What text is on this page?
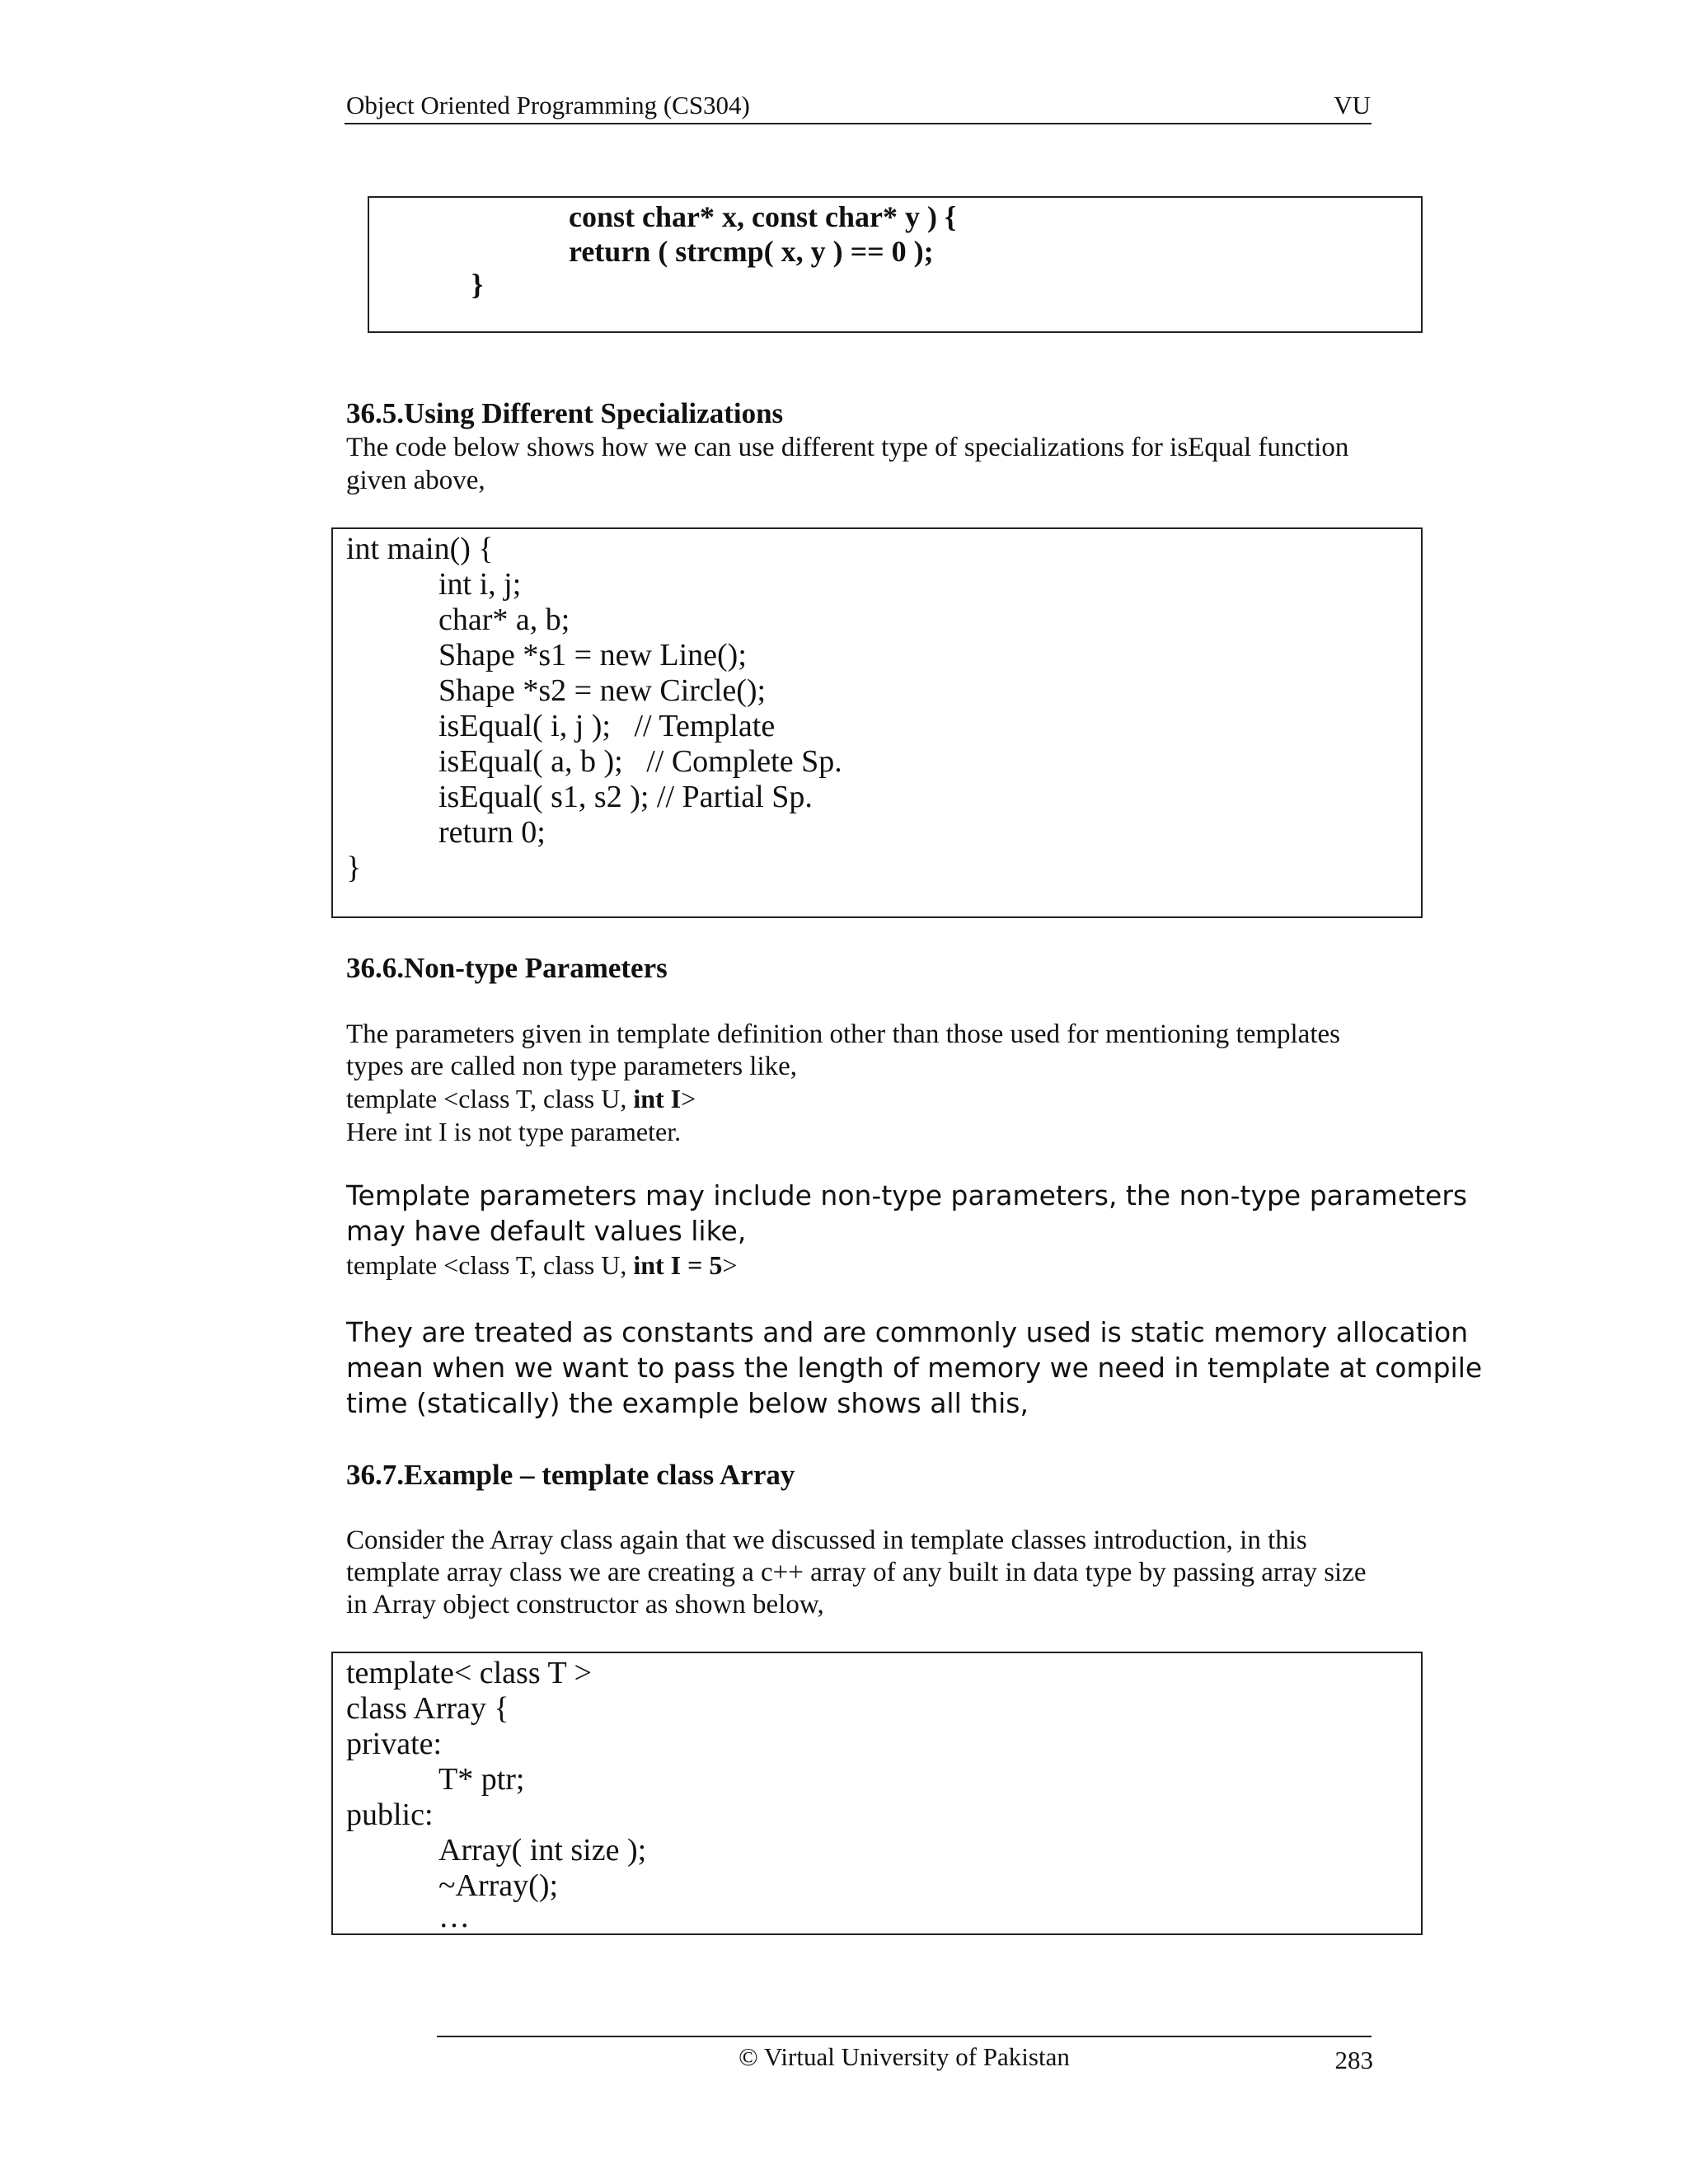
Object Oriented Programming (CS304)	VU
const char* x, const char* y ) {
return ( strcmp( x, y ) == 0 );
}
36.5.Using Different Specializations
The code below shows how we can use different type of specializations for isEqual function
given above,
int main() {
int i, j;
char* a, b;
Shape *s1 = new Line();
Shape *s2 = new Circle();
isEqual( i, j );   // Template
isEqual( a, b );   // Complete Sp.
isEqual( s1, s2 ); // Partial Sp.
return 0;
}
36.6.Non-type Parameters
The parameters given in template definition other than those used for mentioning templates
types are called non type parameters like,
template <class T, class U, int I>
Here int I is not type parameter.
Template parameters may include non-type parameters, the non-type parameters
may have default values like,
template <class T, class U, int I = 5>
They are treated as constants and are commonly used is static memory allocation
mean when we want to pass the length of memory we need in template at compile
time (statically) the example below shows all this,
36.7.Example – template class Array
Consider the Array class again that we discussed in template classes introduction, in this
template array class we are creating a c++ array of any built in data type by passing array size
in Array object constructor as shown below,
template< class T >
class Array {
private:
T* ptr;
public:
Array( int size );
~Array();
…
© Virtual University of Pakistan	283
